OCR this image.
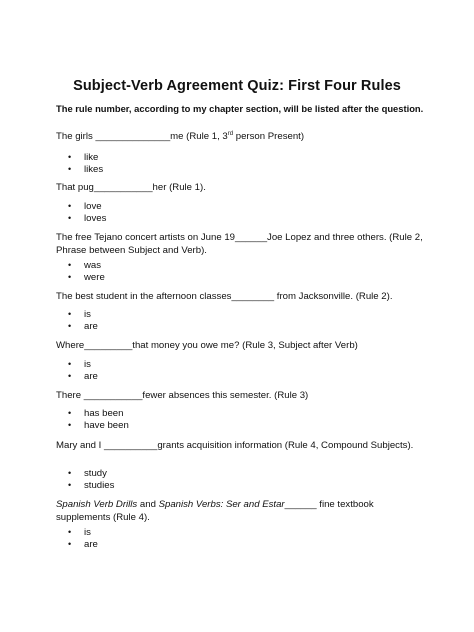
Subject-Verb Agreement Quiz: First Four Rules
The rule number, according to my chapter section, will be listed after the question.
The girls ______________me (Rule 1, 3rd person Present)
• like
• likes
That pug___________her (Rule 1).
• love
• loves
The free Tejano concert artists on June 19______Joe Lopez and three others. (Rule 2, Phrase between Subject and Verb).
• was
• were
The best student in the afternoon classes________ from Jacksonville. (Rule 2).
• is
• are
Where_________that money you owe me? (Rule 3, Subject after Verb)
• is
• are
There ___________fewer absences this semester. (Rule 3)
• has been
• have been
Mary and I __________grants acquisition information (Rule 4, Compound Subjects).
• study
• studies
Spanish Verb Drills and Spanish Verbs: Ser and Estar______ fine textbook supplements (Rule 4).
• is
• are
